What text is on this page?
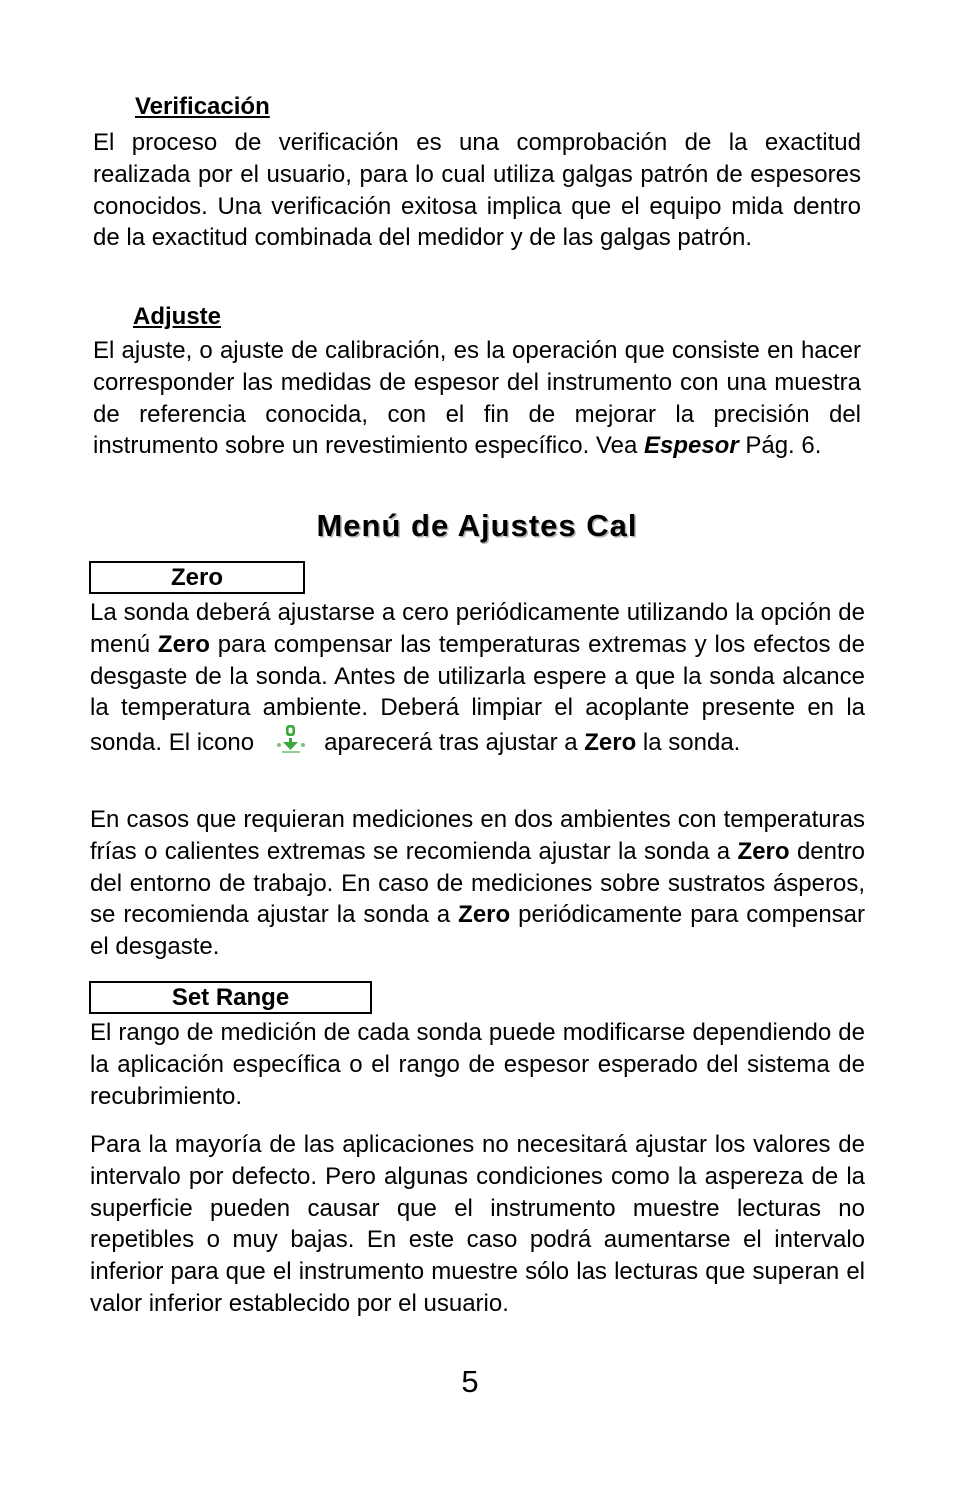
Verificación

El proceso de verificación es una comprobación de la exactitud realizada por el usuario, para lo cual utiliza galgas patrón de espesores conocidos. Una verificación exitosa implica que el equipo mida dentro de la exactitud combinada del medidor y de las galgas patrón.

Adjuste

El ajuste, o ajuste de calibración, es la operación que consiste en hacer corresponder las medidas de espesor del instrumento con una muestra de referencia conocida, con el fin de mejorar la precisión del instrumento sobre un revestimiento específico. Vea Espesor Pág. 6.

Menú de Ajustes Cal
Zero

La sonda deberá ajustarse a cero periódicamente utilizando la opción de menú Zero para compensar las temperaturas extremas y los efectos de desgaste de la sonda. Antes de utilizarla espere a que la sonda alcance la temperatura ambiente. Deberá limpiar el acoplante presente en la sonda. El icono	aparecerá tras ajustar a Zero la sonda.

En casos que requieran mediciones en dos ambientes con temperaturas frías o calientes extremas se recomienda ajustar la sonda a Zero dentro del entorno de trabajo. En caso de mediciones sobre sustratos ásperos, se recomienda ajustar la sonda a Zero periódicamente para compensar el desgaste.

Set Range

El rango de medición de cada sonda puede modificarse dependiendo de la aplicación específica o el rango de espesor esperado del sistema de recubrimiento.

Para la mayoría de las aplicaciones no necesitará ajustar los valores de intervalo por defecto. Pero algunas condiciones como la aspereza de la superficie pueden causar que el instrumento muestre lecturas no repetibles o muy bajas. En este caso podrá aumentarse el intervalo inferior para que el instrumento muestre sólo las lecturas que superan el valor inferior establecido por el usuario.

5
